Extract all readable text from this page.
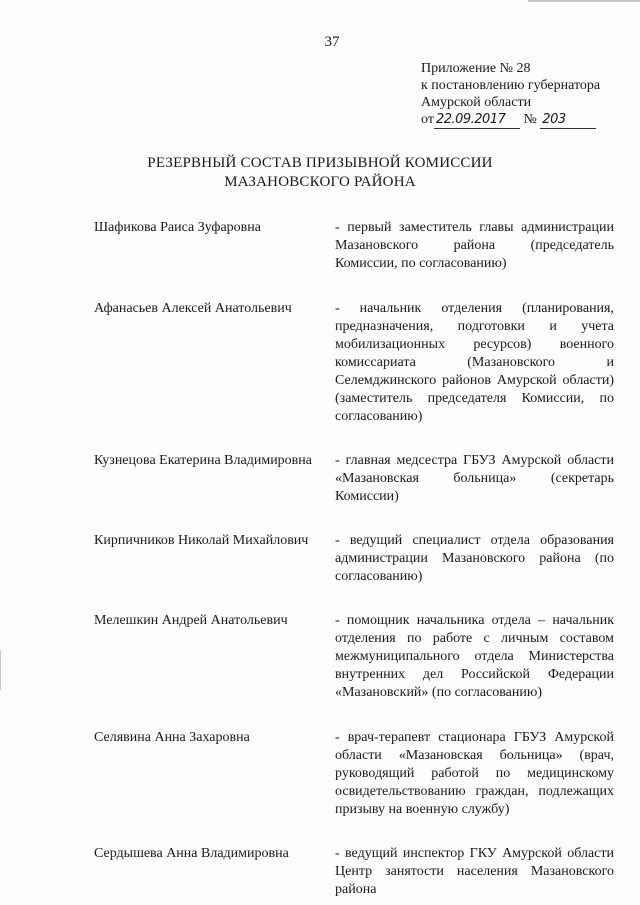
37
Приложение № 28
к постановлению губернатора
Амурской области
от 22.09.2017 № 203
РЕЗЕРВНЫЙ СОСТАВ ПРИЗЫВНОЙ КОМИССИИ
МАЗАНОВСКОГО РАЙОНА
Шафикова Раиса Зуфаровна	- первый заместитель главы администрации Мазановского района (председатель Комиссии, по согласованию)
Афанасьев Алексей Анатольевич	- начальник отделения (планирования, предназначения, подготовки и учета мобилизационных ресурсов) военного комиссариата (Мазановского и Селемджинского районов Амурской области) (заместитель председателя Комиссии, по согласованию)
Кузнецова Екатерина Владимировна	- главная медсестра ГБУЗ Амурской области «Мазановская больница» (секретарь Комиссии)
Кирпичников Николай Михайлович	- ведущий специалист отдела образования администрации Мазановского района (по согласованию)
Мелешкин Андрей Анатольевич	- помощник начальника отдела – начальник отделения по работе с личным составом межмуниципального отдела Министерства внутренних дел Российской Федерации «Мазановский» (по согласованию)
Селявина Анна Захаровна	- врач-терапевт стационара ГБУЗ Амурской области «Мазановская больница» (врач, руководящий работой по медицинскому освидетельствованию граждан, подлежащих призыву на военную службу)
Сердышева Анна Владимировна	- ведущий инспектор ГКУ Амурской области Центр занятости населения Мазановского района
